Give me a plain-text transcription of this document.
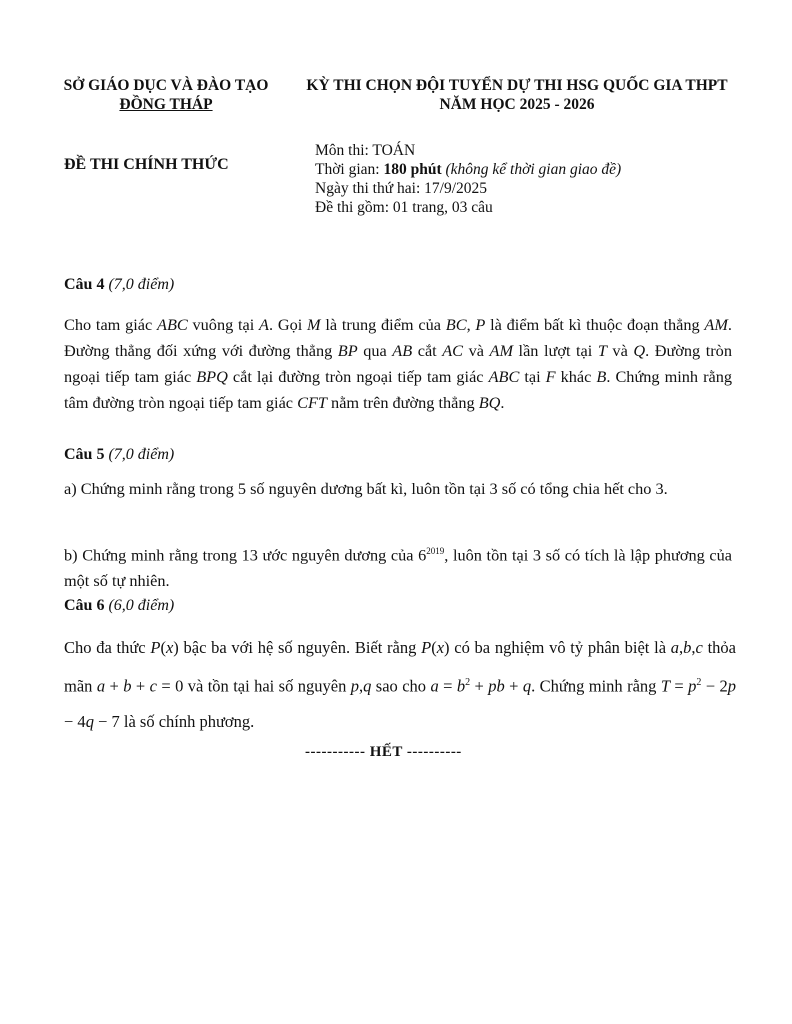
SỞ GIÁO DỤC VÀ ĐÀO TẠO
ĐỒNG THÁP
KỲ THI CHỌN ĐỘI TUYỂN DỰ THI HSG QUỐC GIA THPT
NĂM HỌC 2025 - 2026
ĐỀ THI CHÍNH THỨC
Môn thi: TOÁN
Thời gian: 180 phút (không kể thời gian giao đề)
Ngày thi thứ hai: 17/9/2025
Đề thi gồm: 01 trang, 03 câu
Câu 4 (7,0 điểm)
Cho tam giác ABC vuông tại A. Gọi M là trung điểm của BC, P là điểm bất kì thuộc đoạn thẳng AM. Đường thẳng đối xứng với đường thẳng BP qua AB cắt AC và AM lần lượt tại T và Q. Đường tròn ngoại tiếp tam giác BPQ cắt lại đường tròn ngoại tiếp tam giác ABC tại F khác B. Chứng minh rằng tâm đường tròn ngoại tiếp tam giác CFT nằm trên đường thẳng BQ.
Câu 5 (7,0 điểm)
a) Chứng minh rằng trong 5 số nguyên dương bất kì, luôn tồn tại 3 số có tổng chia hết cho 3.
b) Chứng minh rằng trong 13 ước nguyên dương của $6^{2019}$, luôn tồn tại 3 số có tích là lập phương của một số tự nhiên.
Câu 6 (6,0 điểm)
Cho đa thức P(x) bậc ba với hệ số nguyên. Biết rằng P(x) có ba nghiệm vô tỷ phân biệt là a,b,c thỏa mãn a + b + c = 0 và tồn tại hai số nguyên p,q sao cho $a = b^2$ + pb + q. Chứng minh rằng $T = p^2 - 2p - 4q - 7$ là số chính phương.
----------- HẾT ----------
